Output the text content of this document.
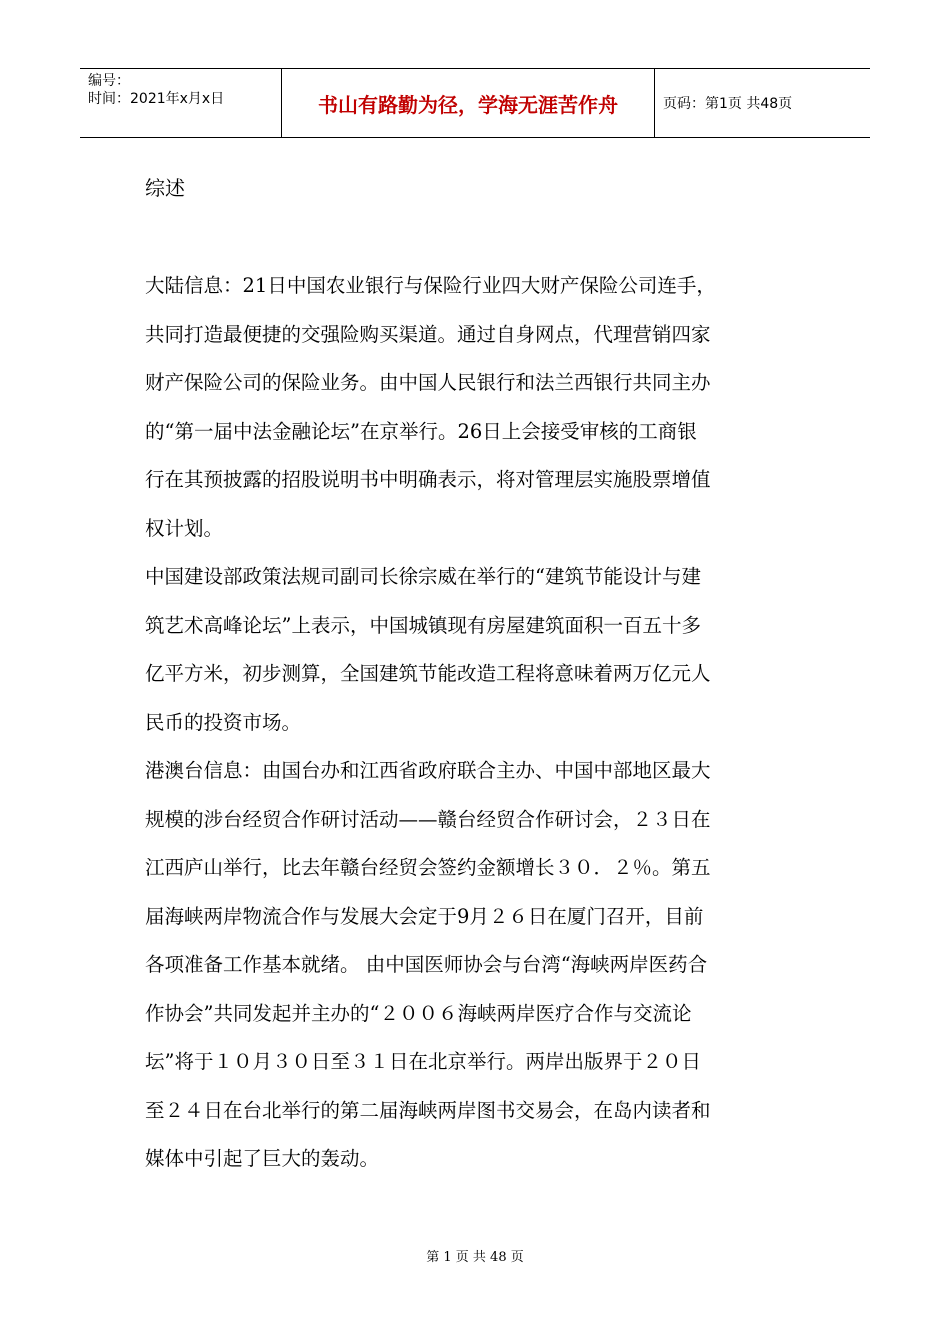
编号：
时间：2021年x月x日	书山有路勤为径，学海无涯苦作舟	页码：第1页 共48页
综述
大陆信息：21日中国农业银行与保险行业四大财产保险公司连手，
共同打造最便捷的交强险购买渠道。通过自身网点，代理营销四家
财产保险公司的保险业务。由中国人民银行和法兰西银行共同主办
的“第一届中法金融论坛”在京举行。26日上会接受审核的工商银
行在其预披露的招股说明书中明确表示，将对管理层实施股票增值
权计划。
中国建设部政策法规司副司长徐宗威在举行的“建筑节能设计与建
筑艺术高峰论坛”上表示，中国城镇现有房屋建筑面积一百五十多
亿平方米，初步测算，全国建筑节能改造工程将意味着两万亿元人
民币的投资市场。
港澳台信息：由国台办和江西省政府联合主办、中国中部地区最大
规模的涉台经贸合作研讨活动——赣台经贸合作研讨会，２３日在
江西庐山举行，比去年赣台经贸会签约金额增长３０．２％。第五
届海峡两岸物流合作与发展大会定于9月２６日在厦门召开，目前
各项准备工作基本就绪。 由中国医师协会与台湾“海峡两岸医药合
作协会”共同发起并主办的“２００６海峡两岸医疗合作与交流论
坛”将于１０月３０日至３１日在北京举行。两岸出版界于２０日
至２４日在台北举行的第二届海峡两岸图书交易会，在岛内读者和
媒体中引起了巨大的轰动。
第 1 页 共 48 页
